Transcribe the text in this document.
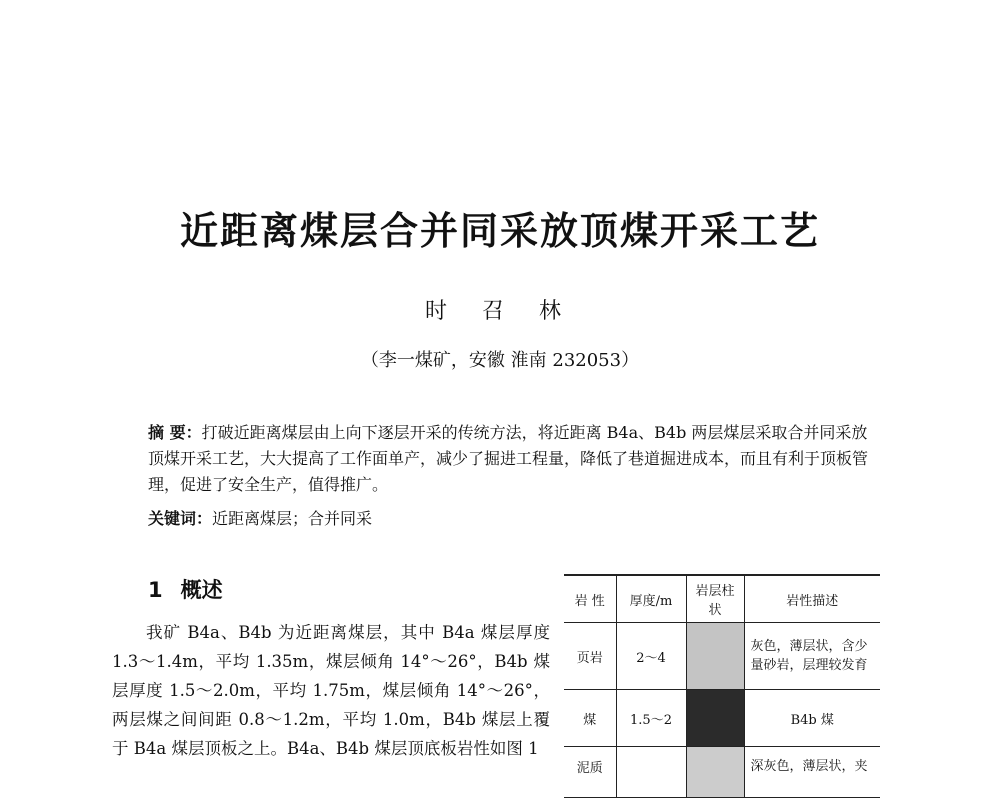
近距离煤层合并同采放顶煤开采工艺
时 召 林
（李一煤矿，安徽 淮南 232053）
摘 要：打破近距离煤层由上向下逐层开采的传统方法，将近距离 B4a、B4b 两层煤层采取合并同采放顶煤开采工艺，大大提高了工作面单产，减少了掘进工程量，降低了巷道掘进成本，而且有利于顶板管理，促进了安全生产，值得推广。
关键词：近距离煤层；合并同采
1 概述
我矿 B4a、B4b 为近距离煤层，其中 B4a 煤层厚度 1.3～1.4m，平均 1.35m，煤层倾角 14°～26°，B4b 煤层厚度 1.5～2.0m，平均 1.75m，煤层倾角 14°～26°，两层煤之间间距 0.8～1.2m，平均 1.0m，B4b 煤层上覆于 B4a 煤层顶板之上。B4a、B4b 煤层顶底板岩性如图 1
岩 性	厚度/m	岩层柱状	岩性描述
页岩	2～4		灰色，薄层状，含少量砂岩，层理较发育
煤	1.5～2		B4b 煤
泥质			深灰色，薄层状，夹
